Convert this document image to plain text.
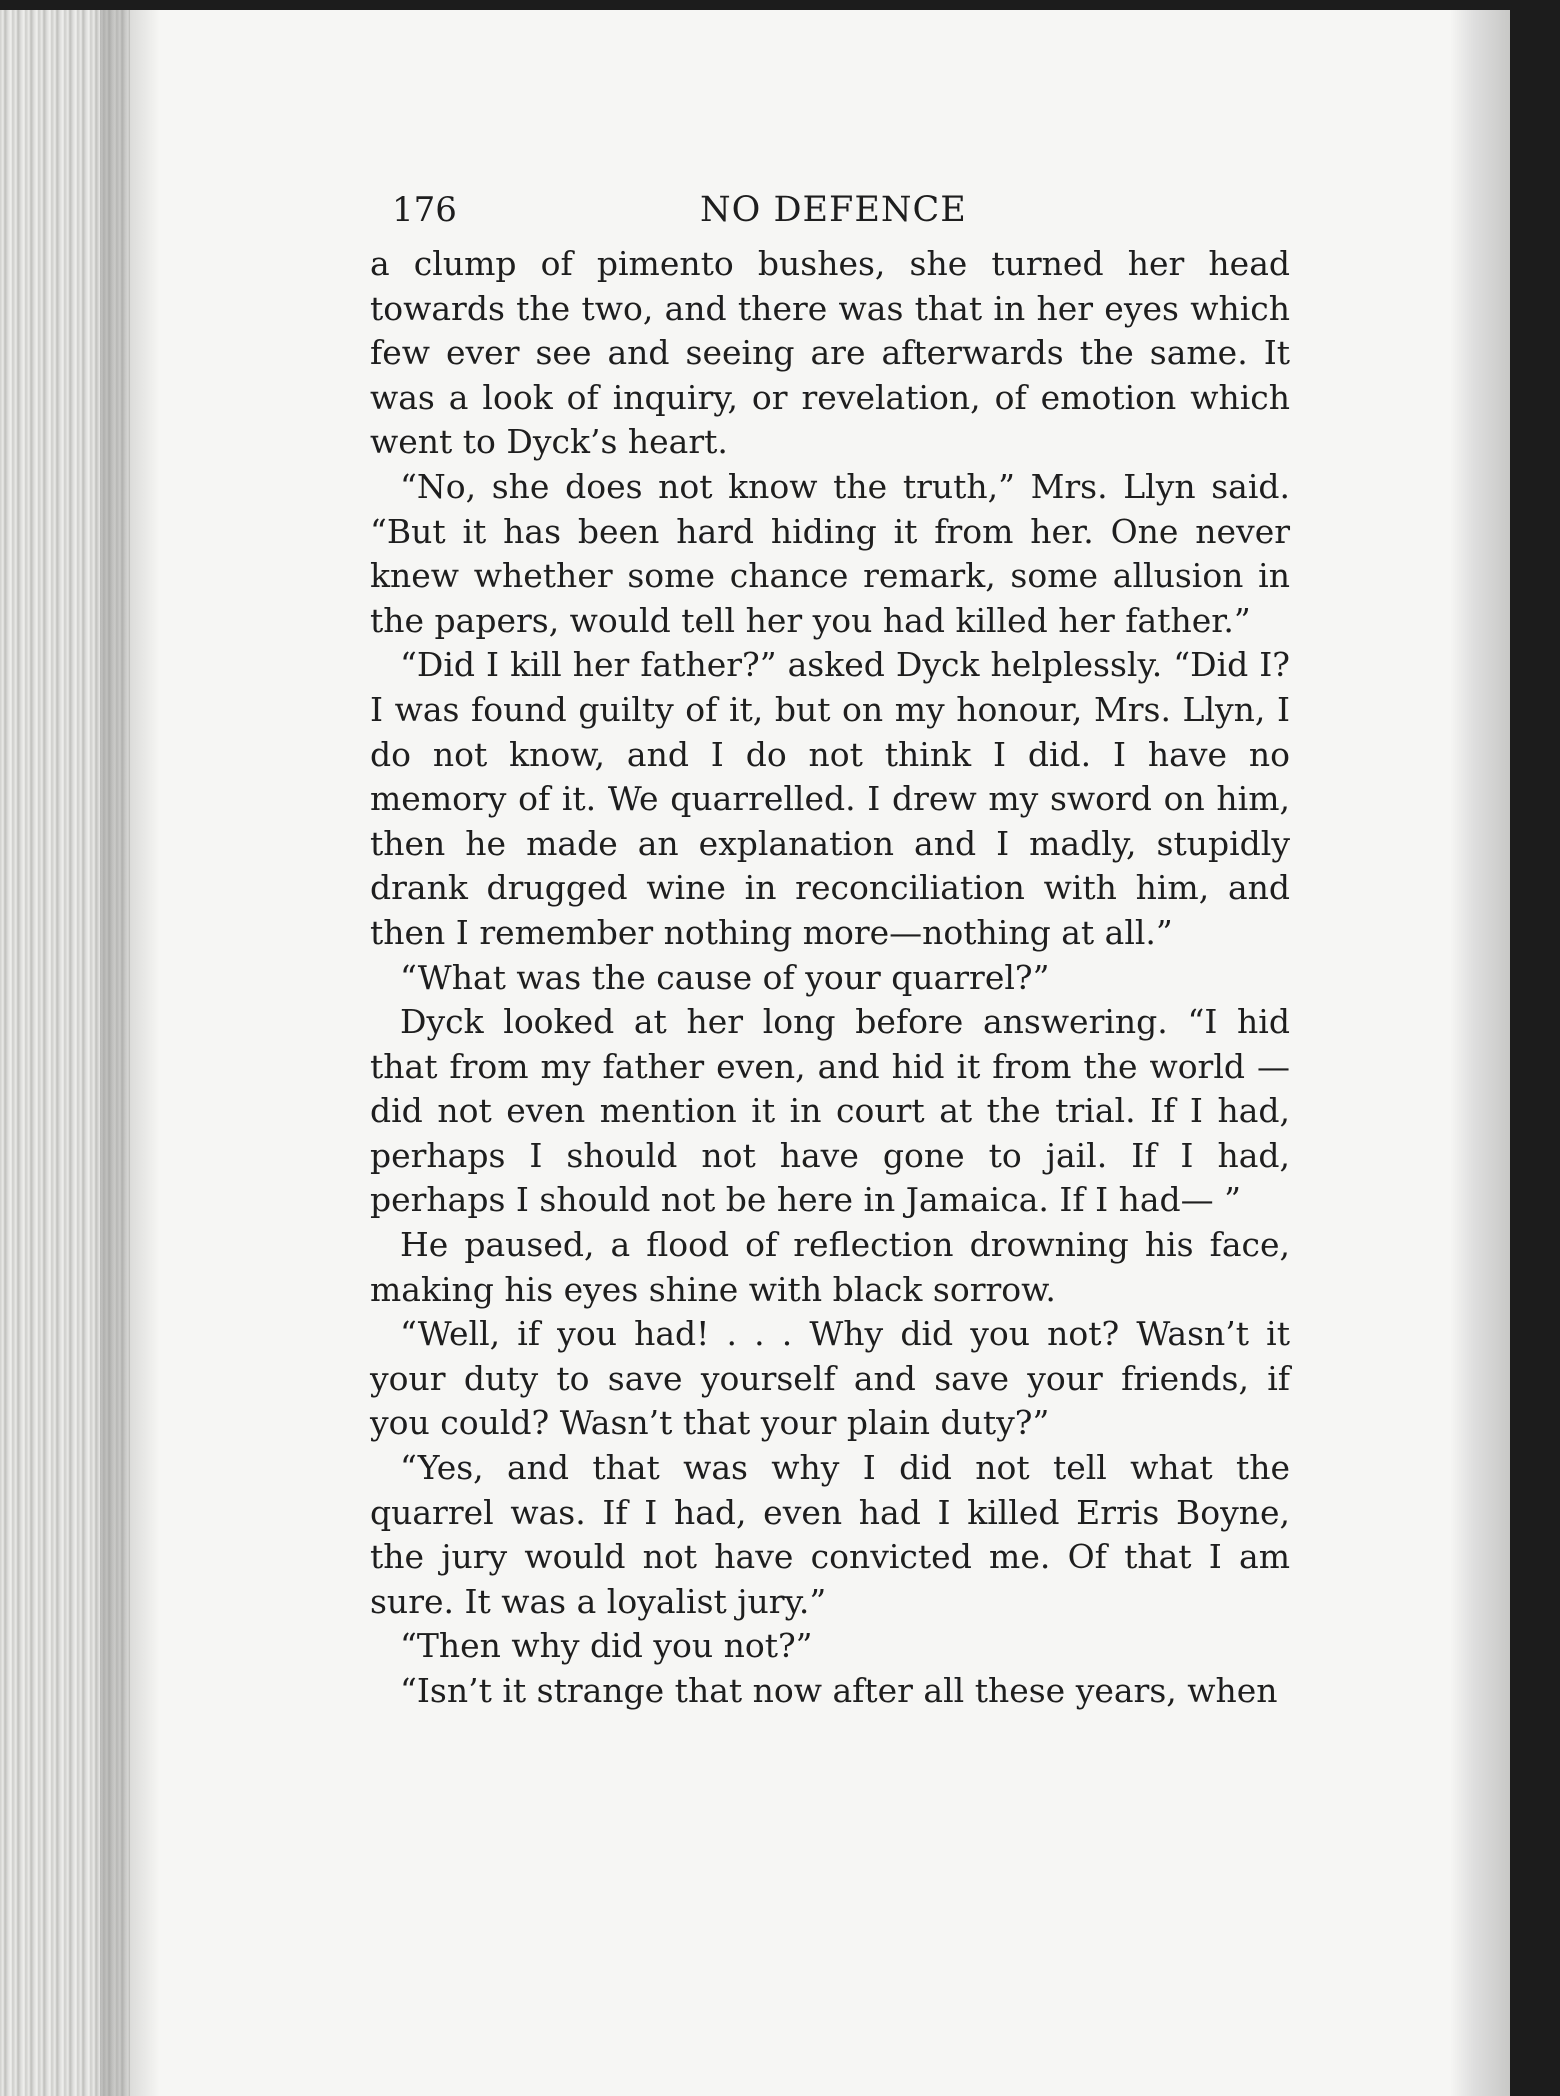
176	NO DEFENCE

a clump of pimento bushes, she turned her head towards the two, and there was that in her eyes which few ever see and seeing are afterwards the same. It was a look of inquiry, or revelation, of emotion which went to Dyck’s heart.

“No, she does not know the truth,” Mrs. Llyn said. “But it has been hard hiding it from her. One never knew whether some chance remark, some allusion in the papers, would tell her you had killed her father.”

“Did I kill her father?” asked Dyck helplessly. “Did I? I was found guilty of it, but on my honour, Mrs. Llyn, I do not know, and I do not think I did. I have no memory of it. We quarrelled. I drew my sword on him, then he made an explanation and I madly, stupidly drank drugged wine in reconciliation with him, and then I remember nothing more—nothing at all.”

“What was the cause of your quarrel?”

Dyck looked at her long before answering. “I hid that from my father even, and hid it from the world —did not even mention it in court at the trial. If I had, perhaps I should not have gone to jail. If I had, perhaps I should not be here in Jamaica. If I had— ”

He paused, a flood of reflection drowning his face, making his eyes shine with black sorrow.

“Well, if you had! . . . Why did you not? Wasn’t it your duty to save yourself and save your friends, if you could? Wasn’t that your plain duty?”

“Yes, and that was why I did not tell what the quarrel was. If I had, even had I killed Erris Boyne, the jury would not have convicted me. Of that I am sure. It was a loyalist jury.”

“Then why did you not?”

“Isn’t it strange that now after all these years, when
